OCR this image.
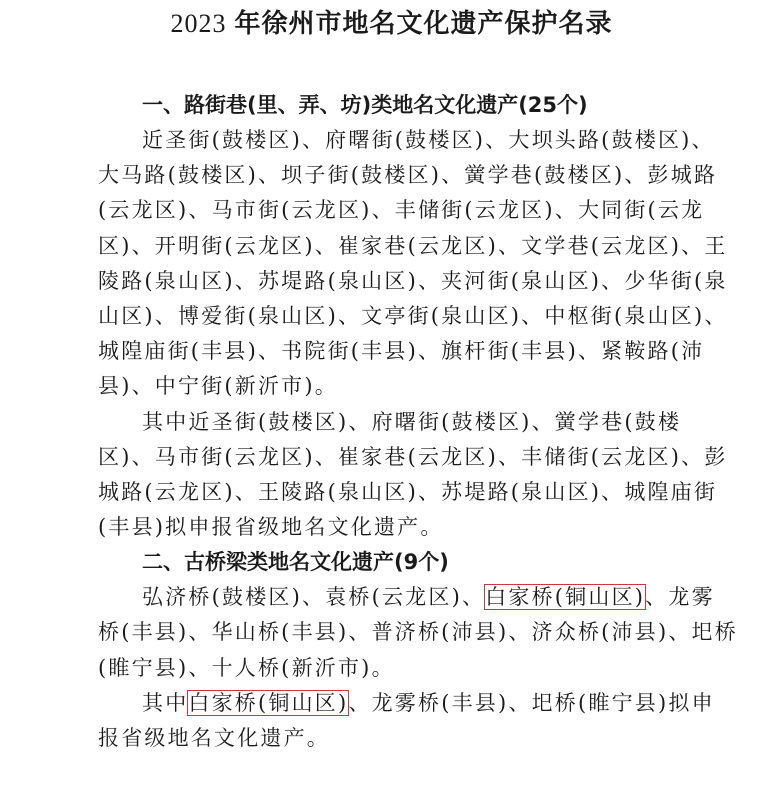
2023 年徐州市地名文化遗产保护名录
一、路街巷(里、弄、坊)类地名文化遗产(25个)
近圣街(鼓楼区)、府曙街(鼓楼区)、大坝头路(鼓楼区)、
大马路(鼓楼区)、坝子街(鼓楼区)、黉学巷(鼓楼区)、彭城路
(云龙区)、马市街(云龙区)、丰储街(云龙区)、大同街(云龙
区)、开明街(云龙区)、崔家巷(云龙区)、文学巷(云龙区)、王
陵路(泉山区)、苏堤路(泉山区)、夹河街(泉山区)、少华街(泉
山区)、博爱街(泉山区)、文亭街(泉山区)、中枢街(泉山区)、
城隍庙街(丰县)、书院街(丰县)、旗杆街(丰县)、紧鞍路(沛
县)、中宁街(新沂市)。
其中近圣街(鼓楼区)、府曙街(鼓楼区)、黉学巷(鼓楼
区)、马市街(云龙区)、崔家巷(云龙区)、丰储街(云龙区)、彭
城路(云龙区)、王陵路(泉山区)、苏堤路(泉山区)、城隍庙街
(丰县)拟申报省级地名文化遗产。
二、古桥梁类地名文化遗产(9个)
弘济桥(鼓楼区)、袁桥(云龙区)、白家桥(铜山区)、龙雾
桥(丰县)、华山桥(丰县)、普济桥(沛县)、济众桥(沛县)、圯桥
(睢宁县)、十人桥(新沂市)。
其中白家桥(铜山区)、龙雾桥(丰县)、圯桥(睢宁县)拟申
报省级地名文化遗产。
